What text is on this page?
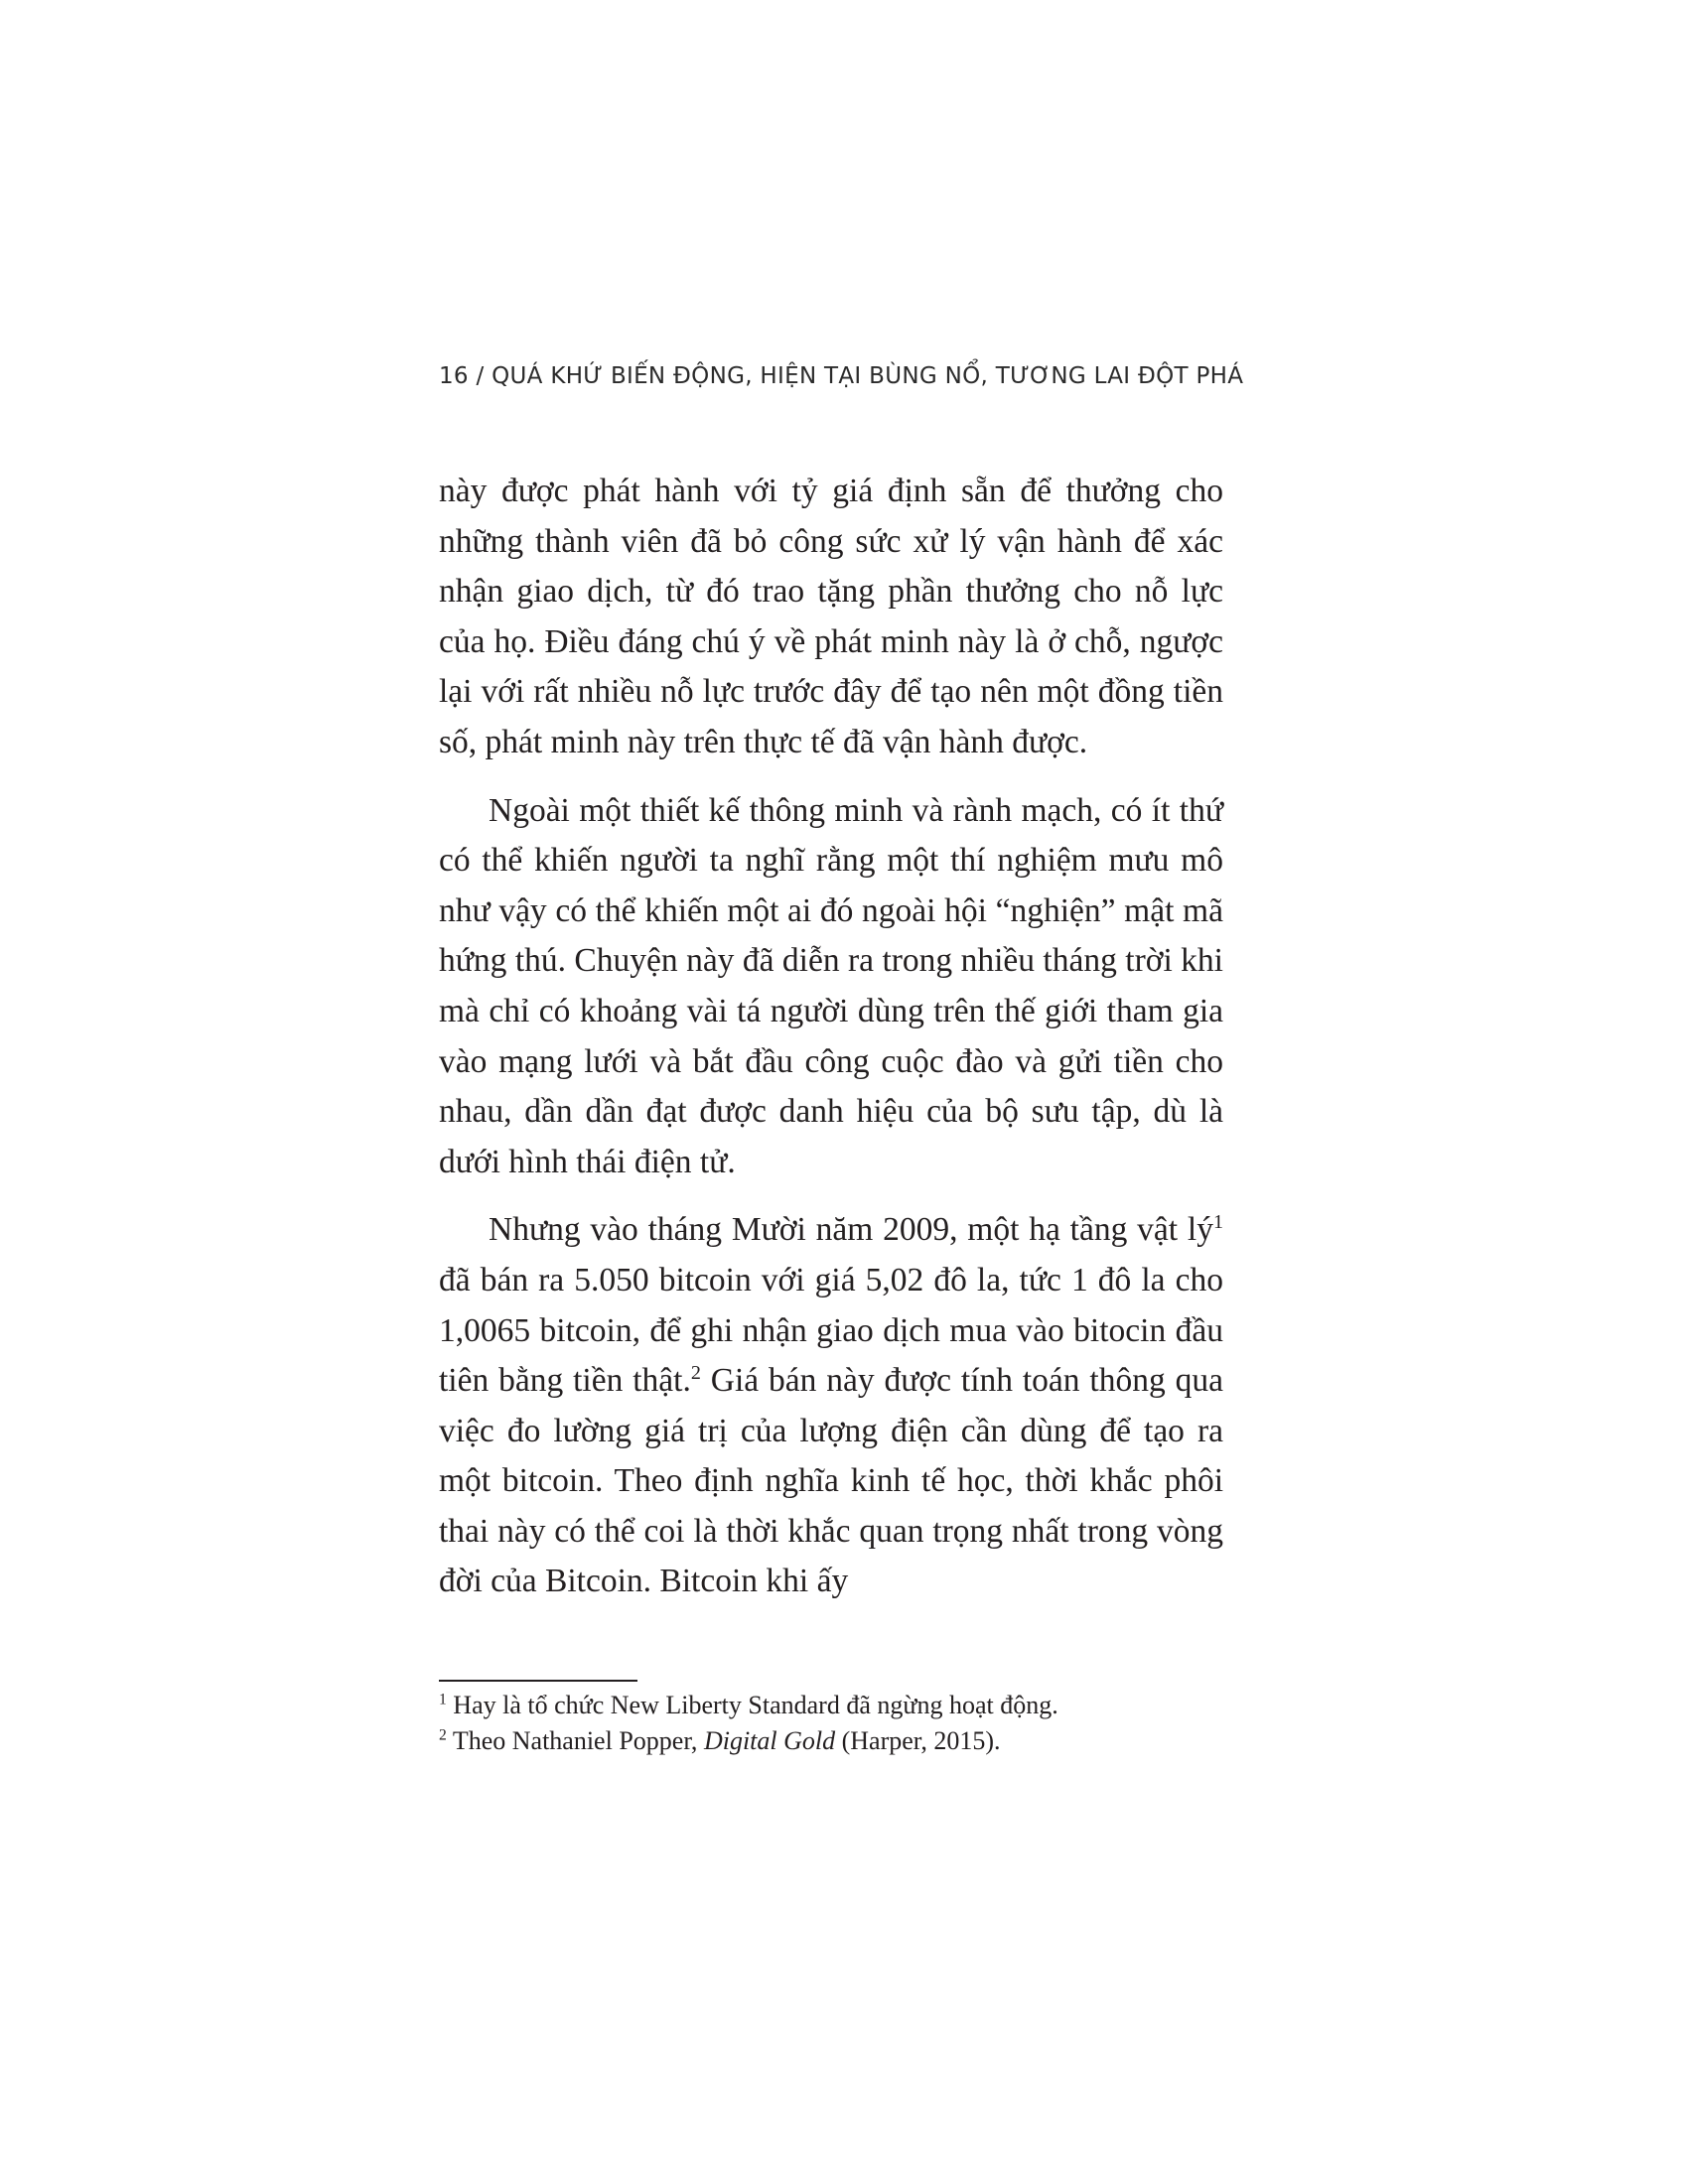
16 / QUÁ KHỨ BIẾN ĐỘNG, HIỆN TẠI BÙNG NỔ, TƯƠNG LAI ĐỘT PHÁ

này được phát hành với tỷ giá định sẵn để thưởng cho những thành viên đã bỏ công sức xử lý vận hành để xác nhận giao dịch, từ đó trao tặng phần thưởng cho nỗ lực của họ. Điều đáng chú ý về phát minh này là ở chỗ, ngược lại với rất nhiều nỗ lực trước đây để tạo nên một đồng tiền số, phát minh này trên thực tế đã vận hành được.

Ngoài một thiết kế thông minh và rành mạch, có ít thứ có thể khiến người ta nghĩ rằng một thí nghiệm mưu mô như vậy có thể khiến một ai đó ngoài hội “nghiện” mật mã hứng thú. Chuyện này đã diễn ra trong nhiều tháng trời khi mà chỉ có khoảng vài tá người dùng trên thế giới tham gia vào mạng lưới và bắt đầu công cuộc đào và gửi tiền cho nhau, dần dần đạt được danh hiệu của bộ sưu tập, dù là dưới hình thái điện tử.

Nhưng vào tháng Mười năm 2009, một hạ tầng vật $lý^1$ đã bán ra 5.050 bitcoin với giá 5,02 đô la, tức 1 đô la cho 1,0065 bitcoin, để ghi nhận giao dịch mua vào bitocin đầu tiên bằng tiền thật.$^2$ Giá bán này được tính toán thông qua việc đo lường giá trị của lượng điện cần dùng để tạo ra một bitcoin. Theo định nghĩa kinh tế học, thời khắc phôi thai này có thể coi là thời khắc quan trọng nhất trong vòng đời của Bitcoin. Bitcoin khi ấy

$^1$ Hay là tổ chức New Liberty Standard đã ngừng hoạt động.

$^2$ Theo Nathaniel Popper, Digital Gold (Harper, 2015).
